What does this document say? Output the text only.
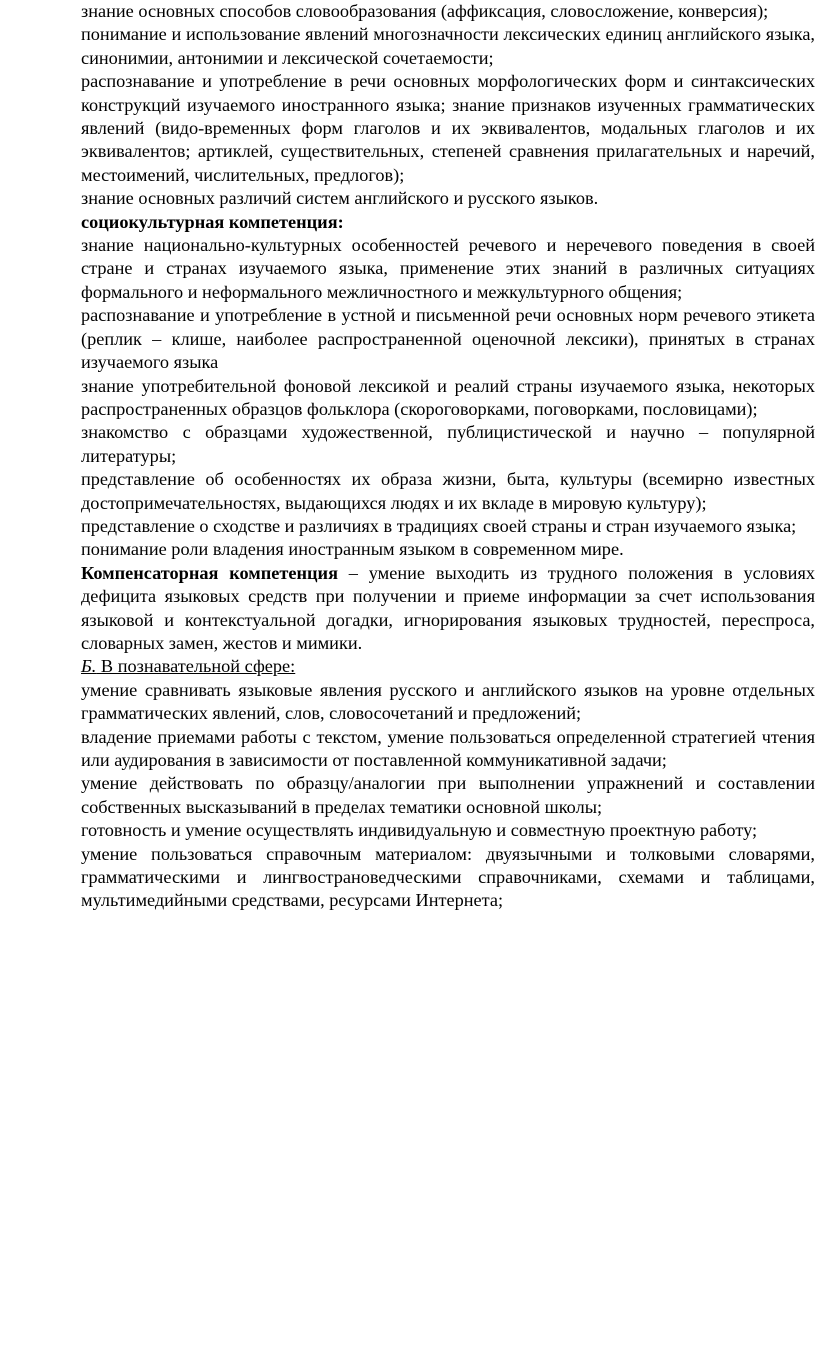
знание основных способов словообразования (аффиксация, словосложение, конверсия);

понимание и использование явлений многозначности лексических единиц английского языка, синонимии, антонимии и лексической сочетаемости;

распознавание и употребление в речи основных морфологических форм и синтаксических конструкций изучаемого иностранного языка; знание признаков изученных грамматических явлений (видо-временных форм глаголов и их эквивалентов, модальных глаголов и их эквивалентов; артиклей, существительных, степеней сравнения прилагательных и наречий, местоимений, числительных, предлогов);

знание основных различий систем английского и русского языков.

социокультурная компетенция:

знание национально-культурных особенностей речевого и неречевого поведения в своей стране и странах изучаемого языка, применение этих знаний в различных ситуациях формального и неформального межличностного и межкультурного общения;

распознавание и употребление в устной и письменной речи основных норм речевого этикета (реплик – клише, наиболее распространенной оценочной лексики), принятых в странах изучаемого языка

знание употребительной фоновой лексикой и реалий страны изучаемого языка, некоторых распространенных образцов фольклора (скороговорками, поговорками, пословицами);

знакомство с образцами художественной, публицистической и научно – популярной литературы;

представление об особенностях их образа жизни, быта, культуры (всемирно известных достопримечательностях, выдающихся людях и их вкладе в мировую культуру);

представление о сходстве и различиях в традициях своей страны и стран изучаемого языка;

понимание роли владения иностранным языком в современном мире.

Компенсаторная компетенция – умение выходить из трудного положения в условиях дефицита языковых средств при получении и приеме информации за счет использования языковой и контекстуальной догадки, игнорирования языковых трудностей, переспроса, словарных замен, жестов и мимики.

Б. В познавательной сфере:

умение сравнивать языковые явления русского и английского языков на уровне отдельных грамматических явлений, слов, словосочетаний и предложений;

владение приемами работы с текстом, умение пользоваться определенной стратегией чтения или аудирования в зависимости от поставленной коммуникативной задачи;

умение действовать по образцу/аналогии при выполнении упражнений и составлении собственных высказываний в пределах тематики основной школы;

готовность и умение осуществлять индивидуальную и совместную проектную работу;

умение пользоваться справочным материалом: двуязычными и толковыми словарями, грамматическими и лингвострановедческими справочниками, схемами и таблицами, мультимедийными средствами, ресурсами Интернета;
